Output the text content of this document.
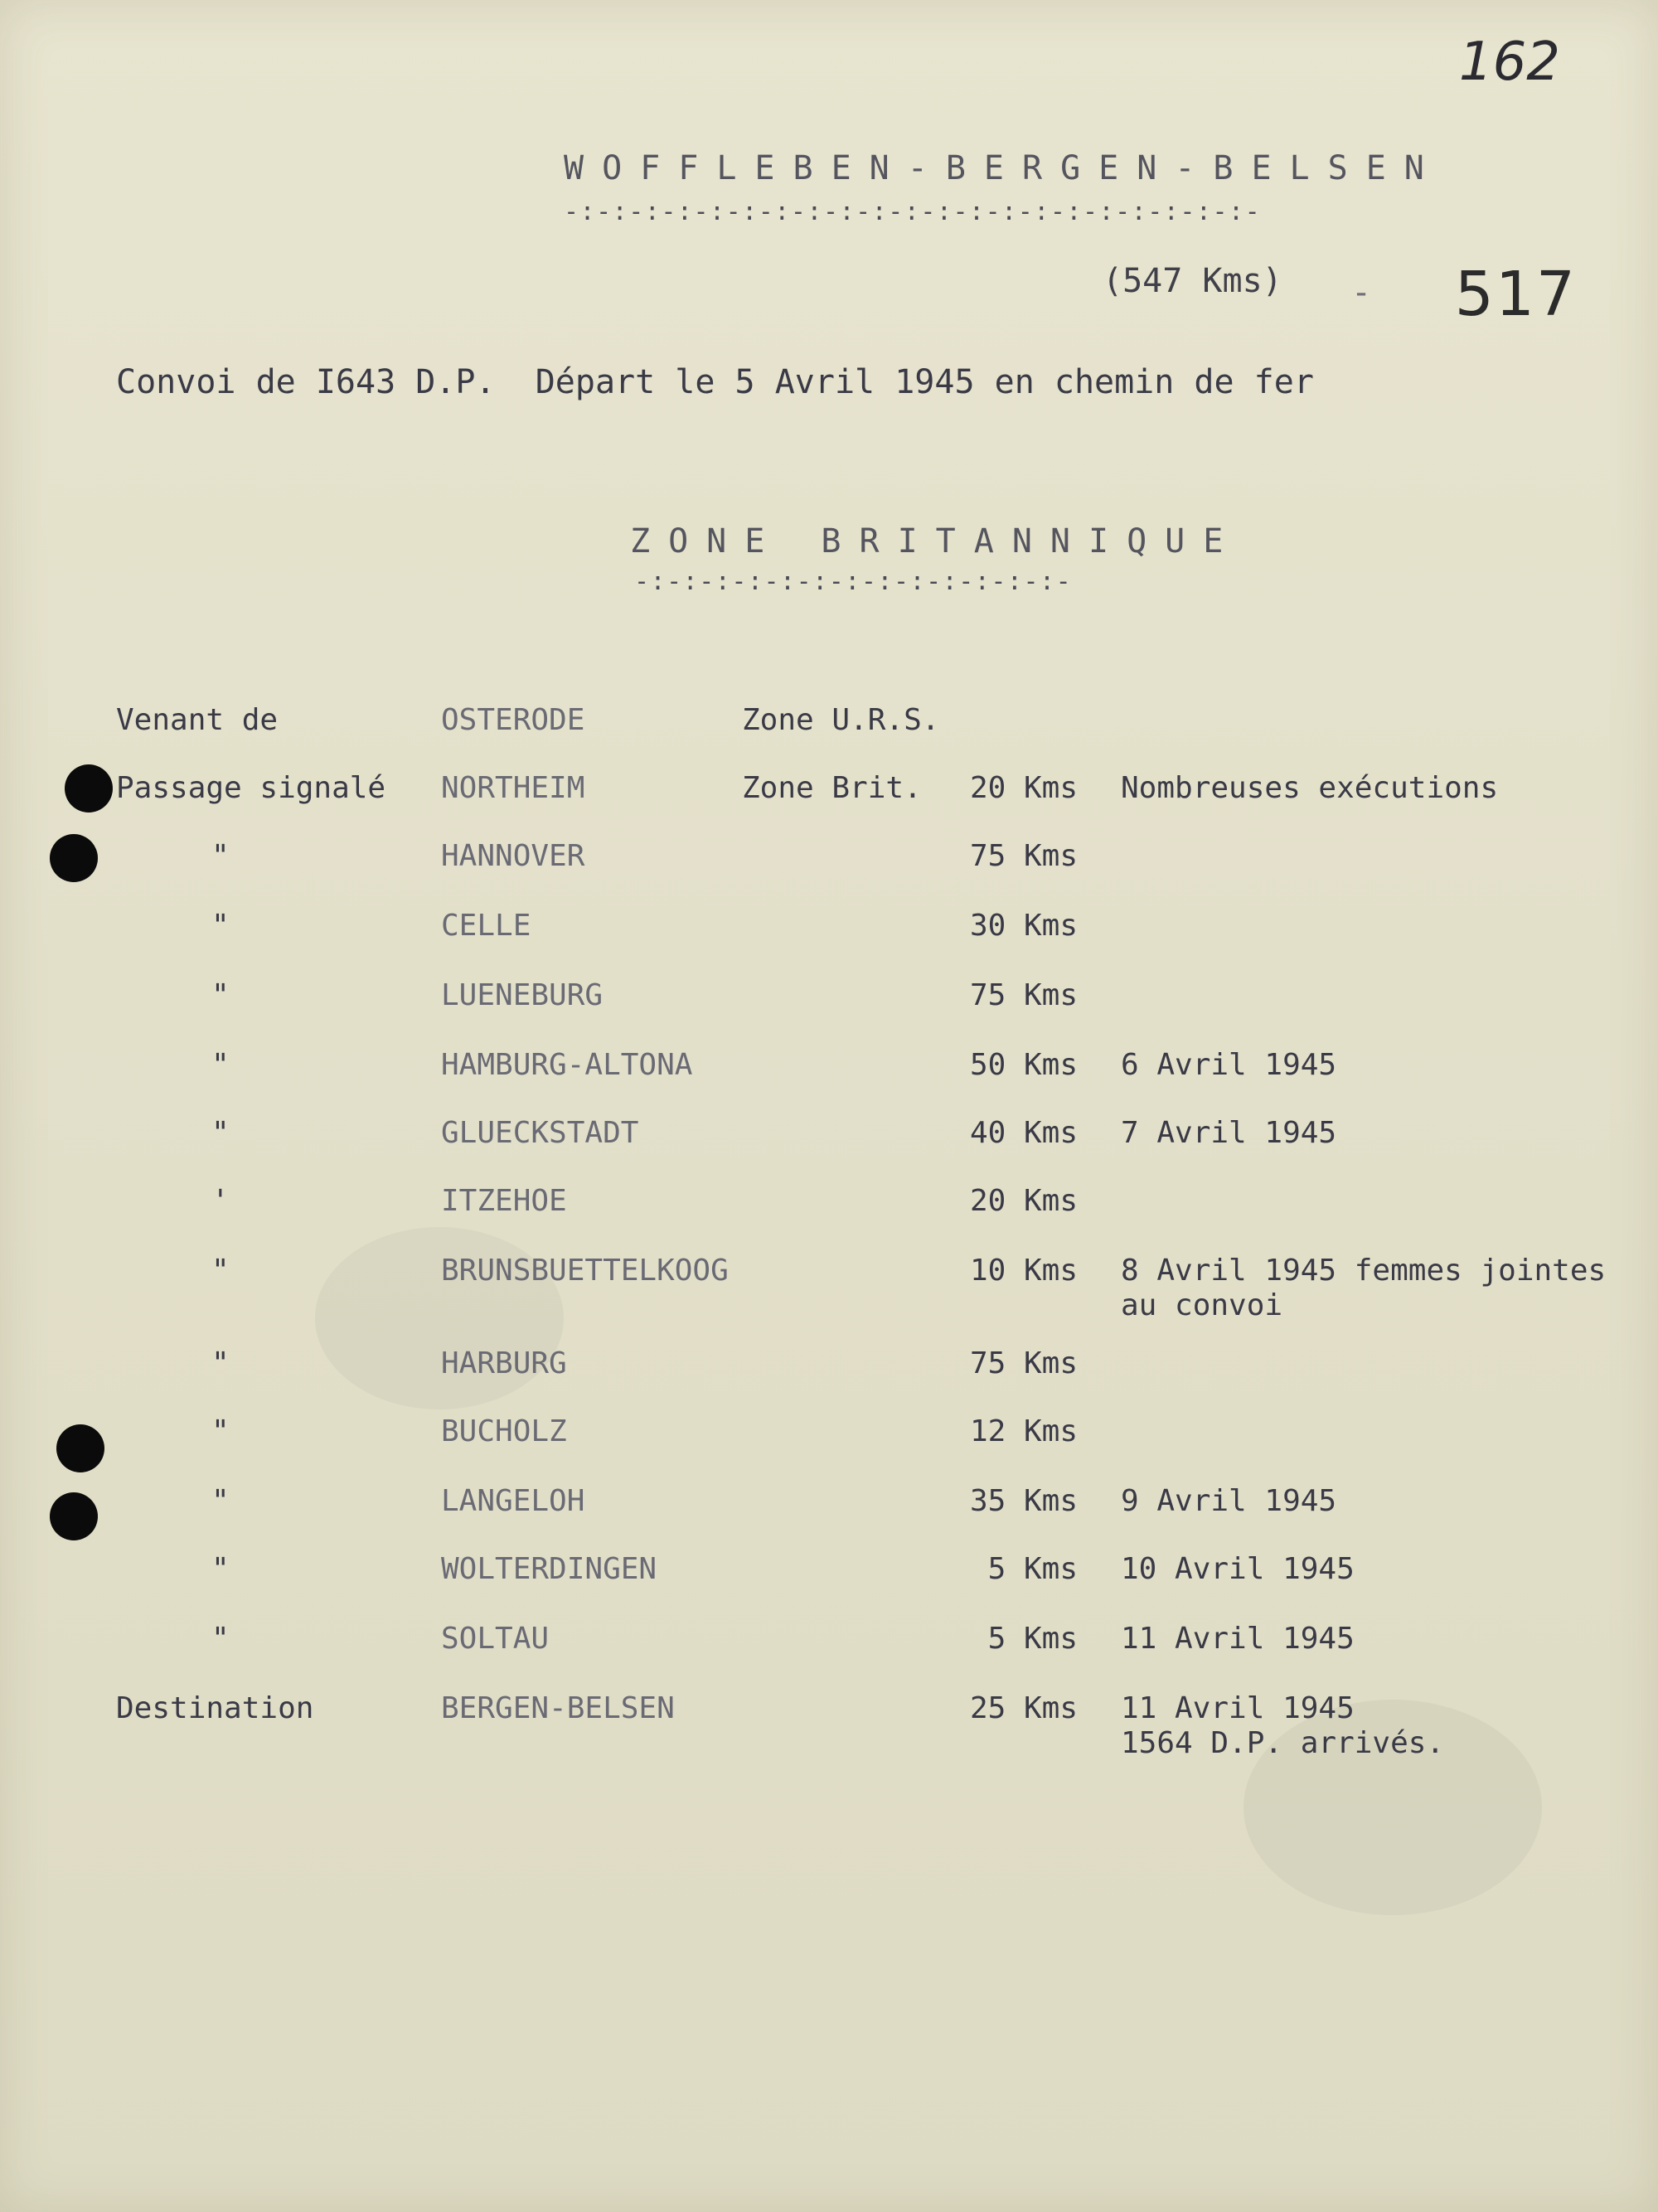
162
517
WOFFLEBEN-BERGEN-BELSEN
-:-:-:-:-:-:-:-:-:-:-:-:-:-:-:-:-:-:-:-:-:-
(547 Kms) -
Convoi de I643 D.P.  Départ le 5 Avril 1945 en chemin de fer
ZONE BRITANNIQUE
-:-:-:-:-:-:-:-:-:-:-:-:-:-
Venant de	OSTERODE	Zone U.R.S.
Passage signalé NORTHEIM	Zone Brit. 20 Kms Nombreuses exécutions
"	HANNOVER	75 Kms
"	CELLE	30 Kms
"	LUENEBURG	75 Kms
"	HAMBURG-ALTONA	50 Kms 6 Avril 1945
"	GLUECKSTADT	40 Kms 7 Avril 1945
'	ITZEHOE	20 Kms
"	BRUNSBUETTELKOOG	10 Kms 8 Avril 1945 femmes jointes
au convoi
"	HARBURG	75 Kms
"	BUCHOLZ	12 Kms
"	LANGELOH	35 Kms 9 Avril 1945
"	WOLTERDINGEN	5 Kms 10 Avril 1945
"	SOLTAU	5 Kms 11 Avril 1945
Destination	BERGEN-BELSEN	25 Kms 11 Avril 1945
1564 D.P. arrivés.
